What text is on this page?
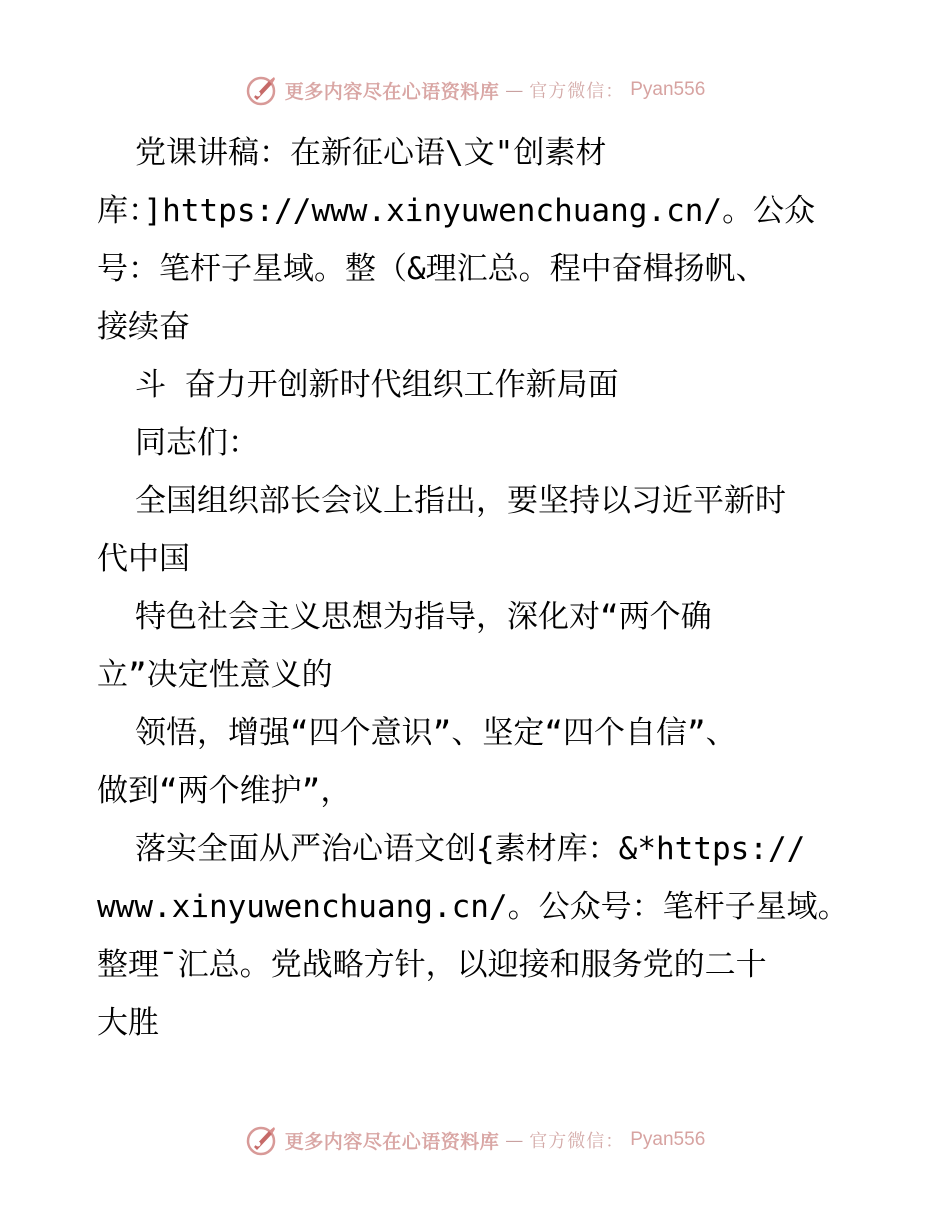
更多内容尽在心语资料库 — 官方微信： Pyan556

党课讲稿：在新征心语\文"创素材

库：]https://www.xinyuwenchuang.cn/。公众

号：笔杆子星域。整（&理汇总。程中奋楫扬帆、

接续奋

斗 奋力开创新时代组织工作新局面

同志们：

全国组织部长会议上指出，要坚持以习近平新时

代中国

特色社会主义思想为指导，深化对“两个确

立”决定性意义的

领悟，增强“四个意识”、坚定“四个自信”、

做到“两个维护”，

落实全面从严治心语文创{素材库：&*https://

www.xinyuwenchuang.cn/。公众号：笔杆子星域。

整理¯汇总。党战略方针，以迎接和服务党的二十

大胜

更多内容尽在心语资料库 — 官方微信： Pyan556
